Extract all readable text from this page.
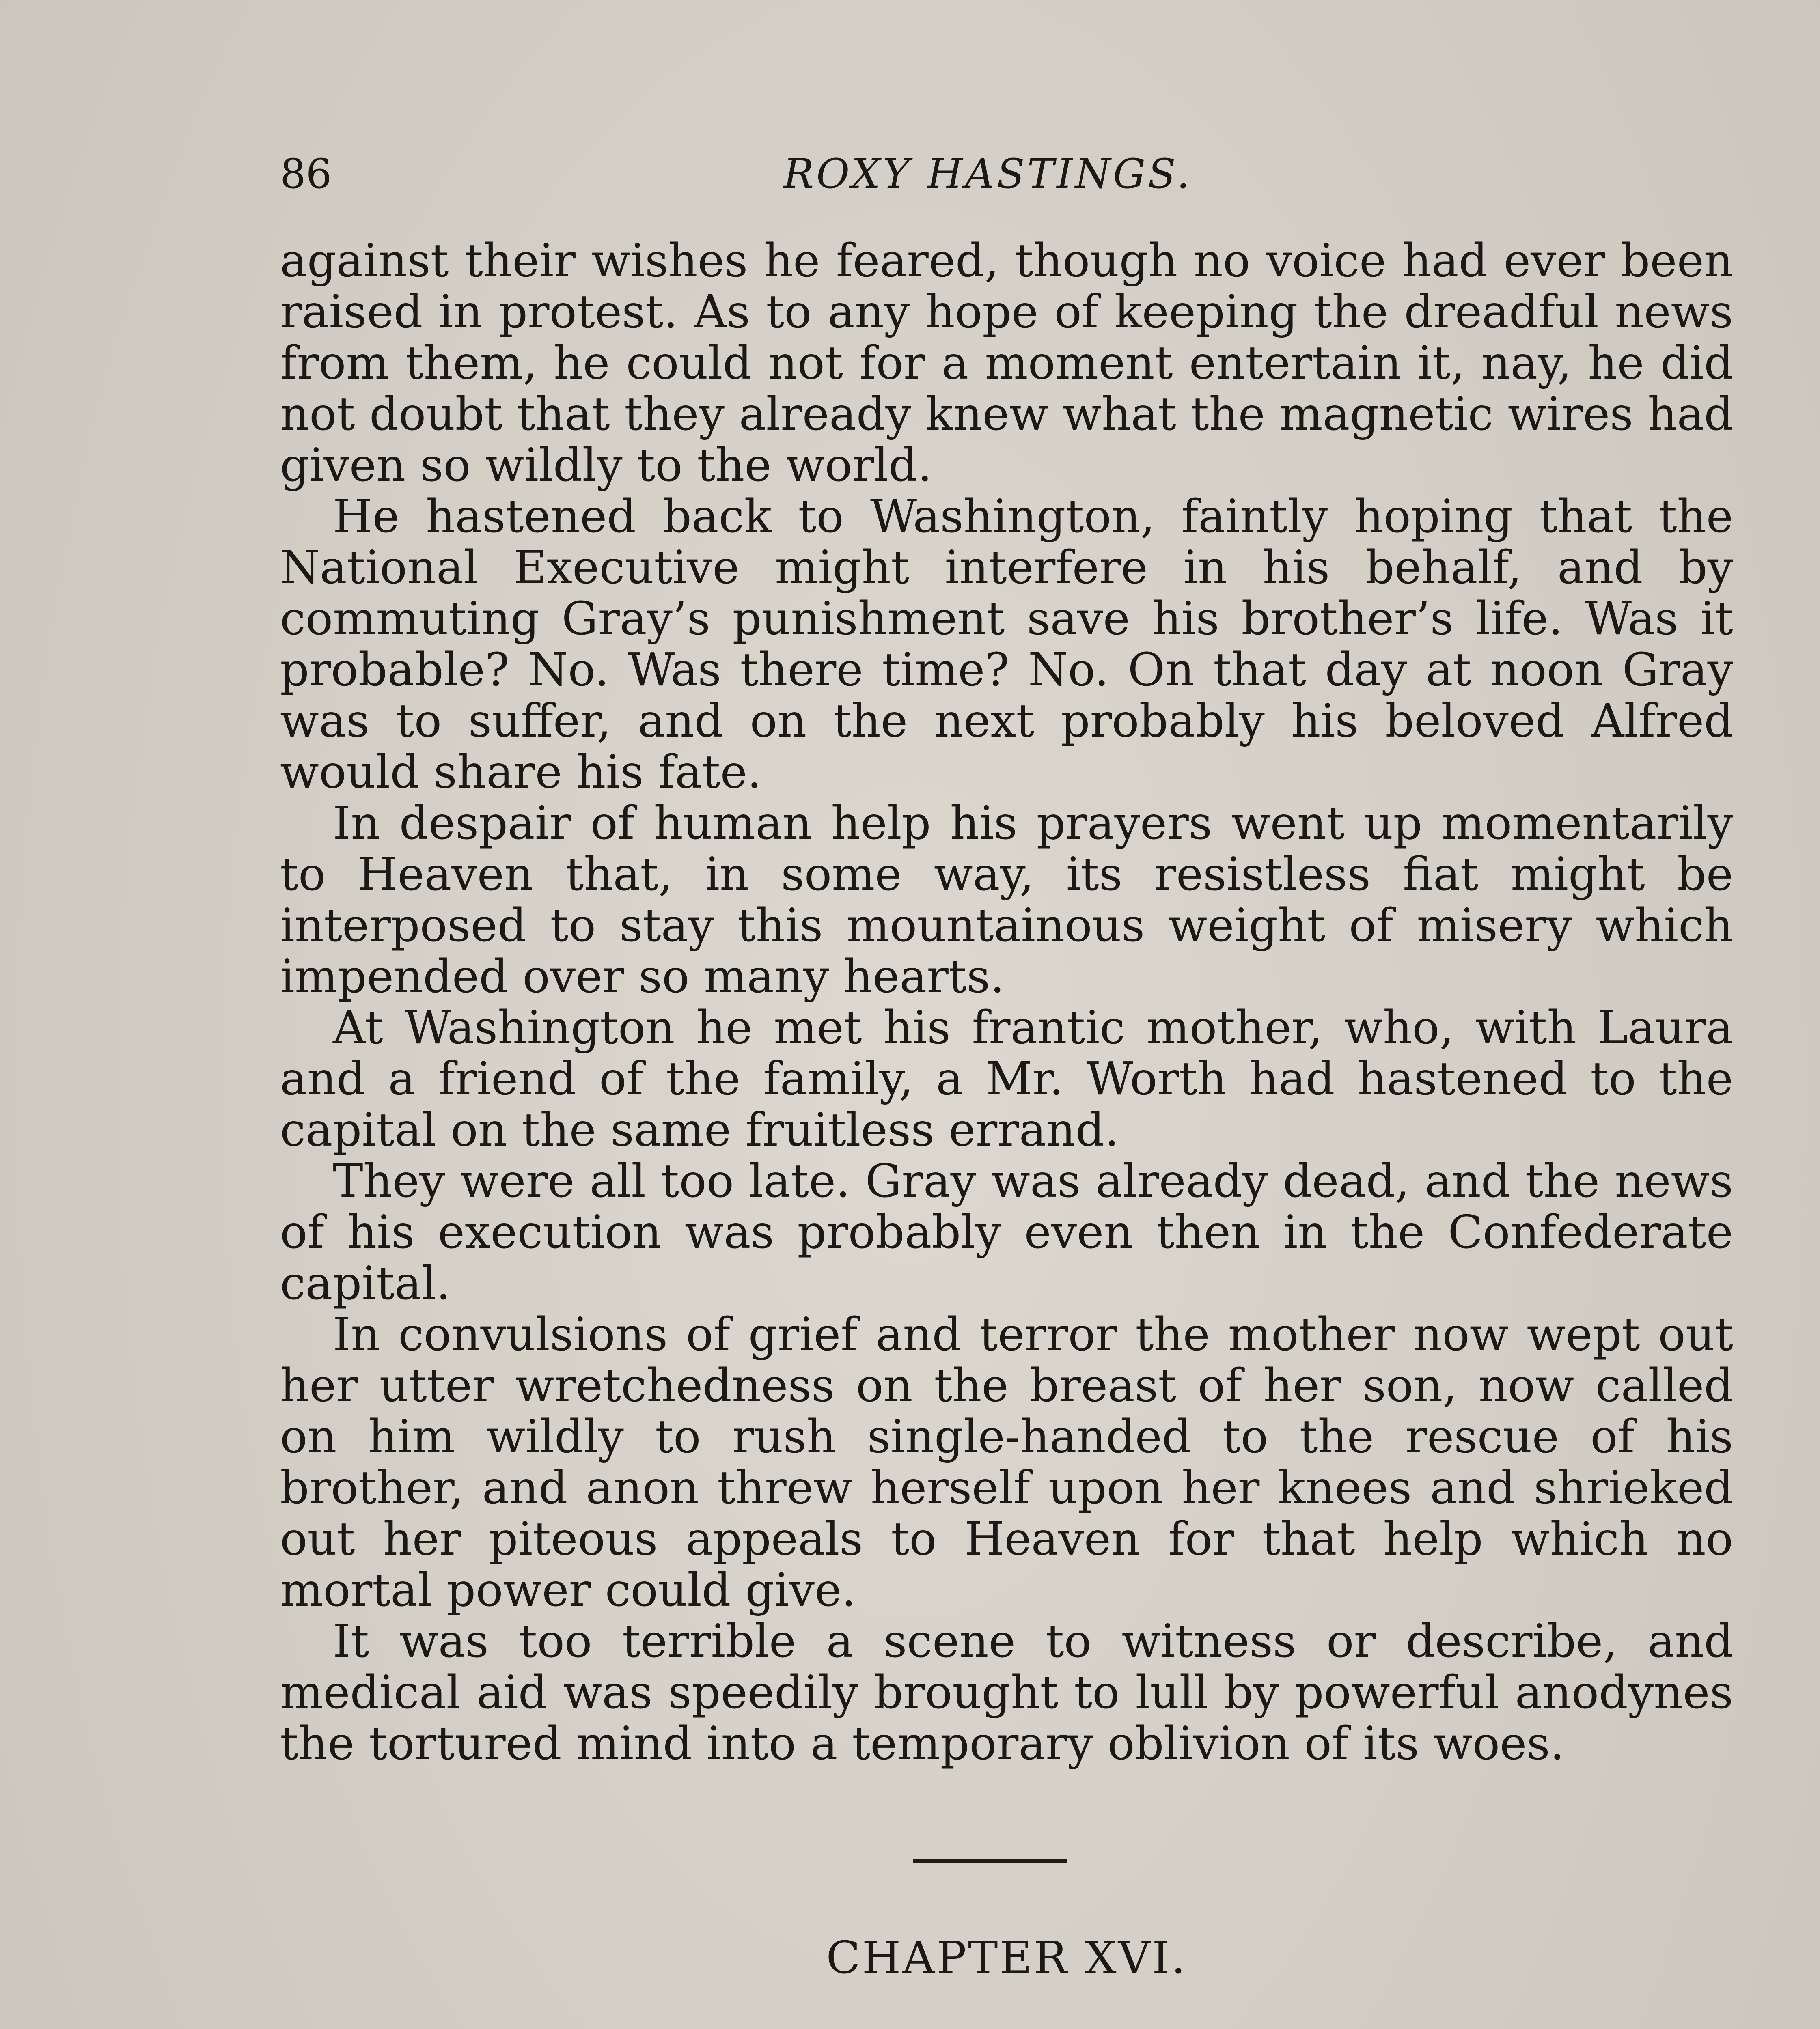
86	ROXY HASTINGS.

against their wishes he feared, though no voice had ever been raised in protest. As to any hope of keeping the dreadful news from them, he could not for a moment entertain it, nay, he did not doubt that they already knew what the magnetic wires had given so wildly to the world.

He hastened back to Washington, faintly hoping that the National Executive might interfere in his behalf, and by commuting Gray’s punishment save his brother’s life. Was it probable? No. Was there time? No. On that day at noon Gray was to suffer, and on the next probably his beloved Alfred would share his fate.

In despair of human help his prayers went up momentarily to Heaven that, in some way, its resistless fiat might be interposed to stay this mountainous weight of misery which impended over so many hearts.

At Washington he met his frantic mother, who, with Laura and a friend of the family, a Mr. Worth had hastened to the capital on the same fruitless errand.

They were all too late. Gray was already dead, and the news of his execution was probably even then in the Confederate capital.

In convulsions of grief and terror the mother now wept out her utter wretchedness on the breast of her son, now called on him wildly to rush single-handed to the rescue of his brother, and anon threw herself upon her knees and shrieked out her piteous appeals to Heaven for that help which no mortal power could give.

It was too terrible a scene to witness or describe, and medical aid was speedily brought to lull by powerful anodynes the tortured mind into a temporary oblivion of its woes.

CHAPTER XVI.
